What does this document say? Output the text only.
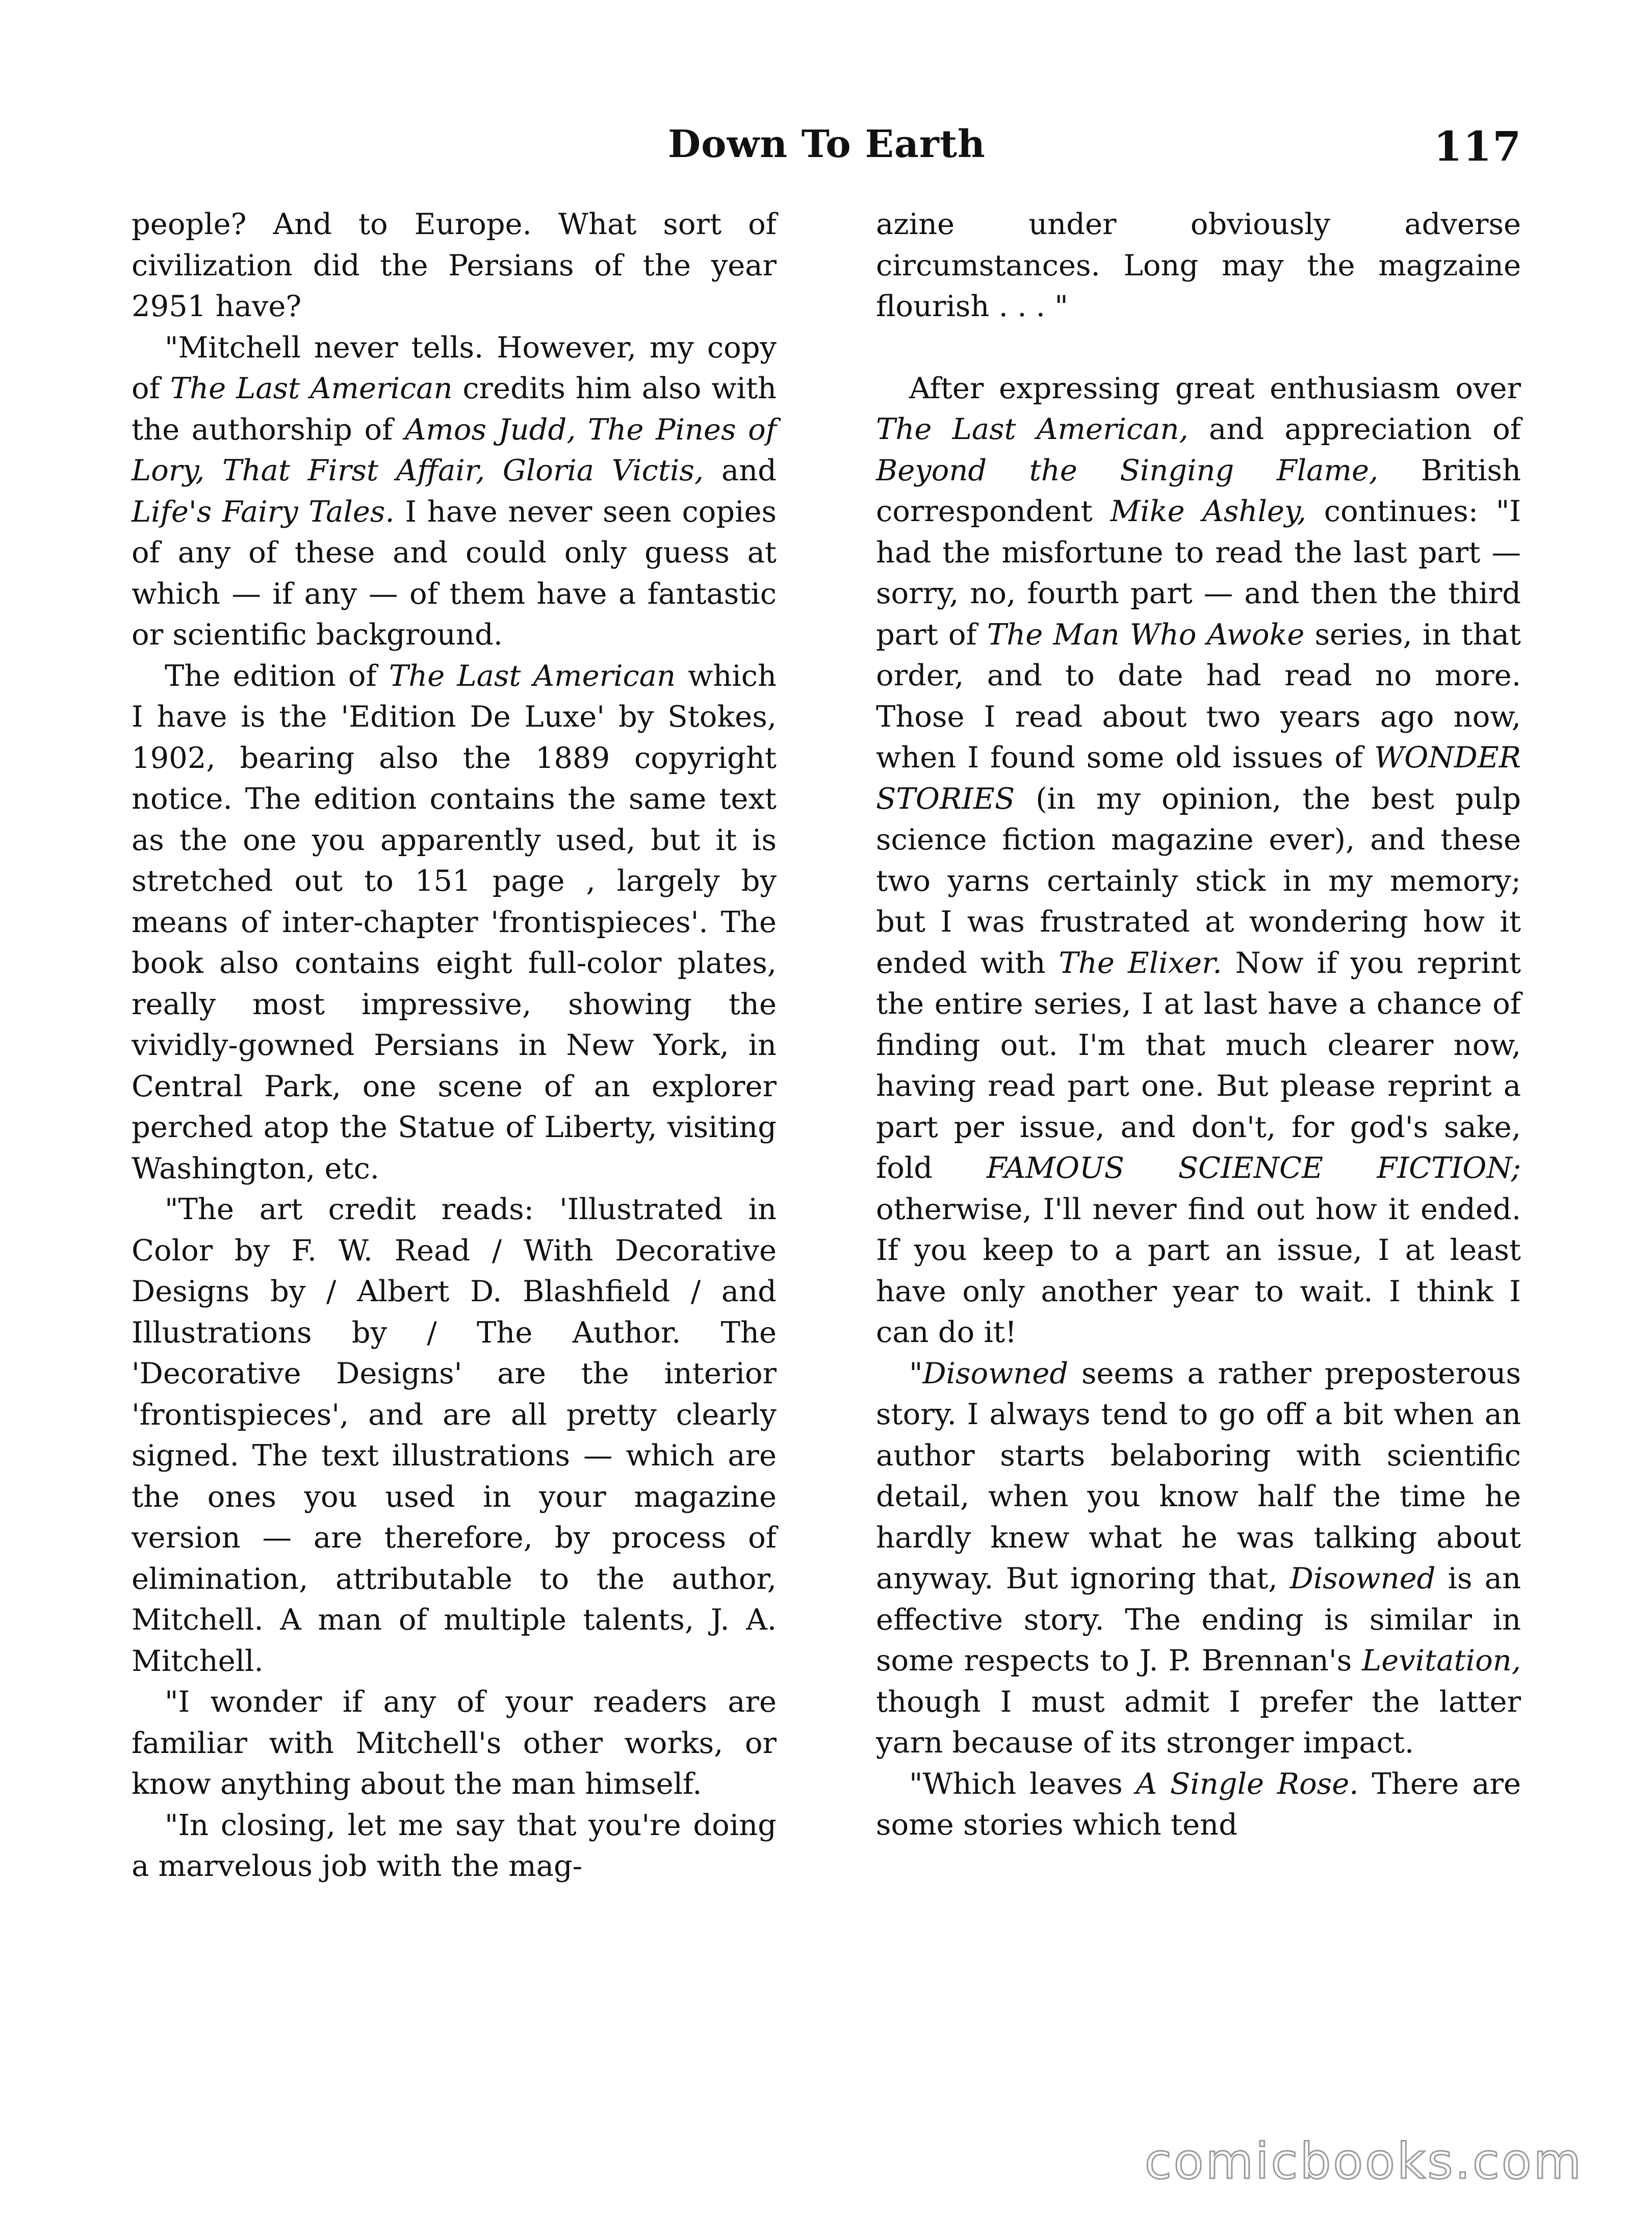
Down To Earth	117

people? And to Europe. What sort of civilization did the Persians of the year 2951 have?

"Mitchell never tells. However, my copy of The Last American credits him also with the authorship of Amos Judd, The Pines of Lory, That First Affair, Gloria Victis, and Life's Fairy Tales. I have never seen copies of any of these and could only guess at which — if any — of them have a fantastic or scientific background.

The edition of The Last American which I have is the 'Edition De Luxe' by Stokes, 1902, bearing also the 1889 copyright notice. The edition contains the same text as the one you apparently used, but it is stretched out to 151 page , largely by means of inter-chapter 'frontispieces'. The book also contains eight full-color plates, really most impressive, showing the vividly-gowned Persians in New York, in Central Park, one scene of an explorer perched atop the Statue of Liberty, visiting Washington, etc.

"The art credit reads: 'Illustrated in Color by F. W. Read / With Decorative Designs by / Albert D. Blashfield / and Illustrations by / The Author. The 'Decorative Designs' are the interior 'frontispieces', and are all pretty clearly signed. The text illustrations — which are the ones you used in your magazine version — are therefore, by process of elimination, attributable to the author, Mitchell. A man of multiple talents, J. A. Mitchell.

"I wonder if any of your readers are familiar with Mitchell's other works, or know anything about the man himself.

"In closing, let me say that you're doing a marvelous job with the mag-

azine under obviously adverse circumstances. Long may the magzaine flourish . . . "

After expressing great enthusiasm over The Last American, and appreciation of Beyond the Singing Flame, British correspondent Mike Ashley, continues: "I had the misfortune to read the last part — sorry, no, fourth part — and then the third part of The Man Who Awoke series, in that order, and to date had read no more. Those I read about two years ago now, when I found some old issues of WONDER STORIES (in my opinion, the best pulp science fiction magazine ever), and these two yarns certainly stick in my memory; but I was frustrated at wondering how it ended with The Elixer. Now if you reprint the entire series, I at last have a chance of finding out. I'm that much clearer now, having read part one. But please reprint a part per issue, and don't, for god's sake, fold FAMOUS SCIENCE FICTION; otherwise, I'll never find out how it ended. If you keep to a part an issue, I at least have only another year to wait. I think I can do it!

"Disowned seems a rather preposterous story. I always tend to go off a bit when an author starts belaboring with scientific detail, when you know half the time he hardly knew what he was talking about anyway. But ignoring that, Disowned is an effective story. The ending is similar in some respects to J. P. Brennan's Levitation, though I must admit I prefer the latter yarn because of its stronger impact.

"Which leaves A Single Rose. There are some stories which tend

comicbooks.com
